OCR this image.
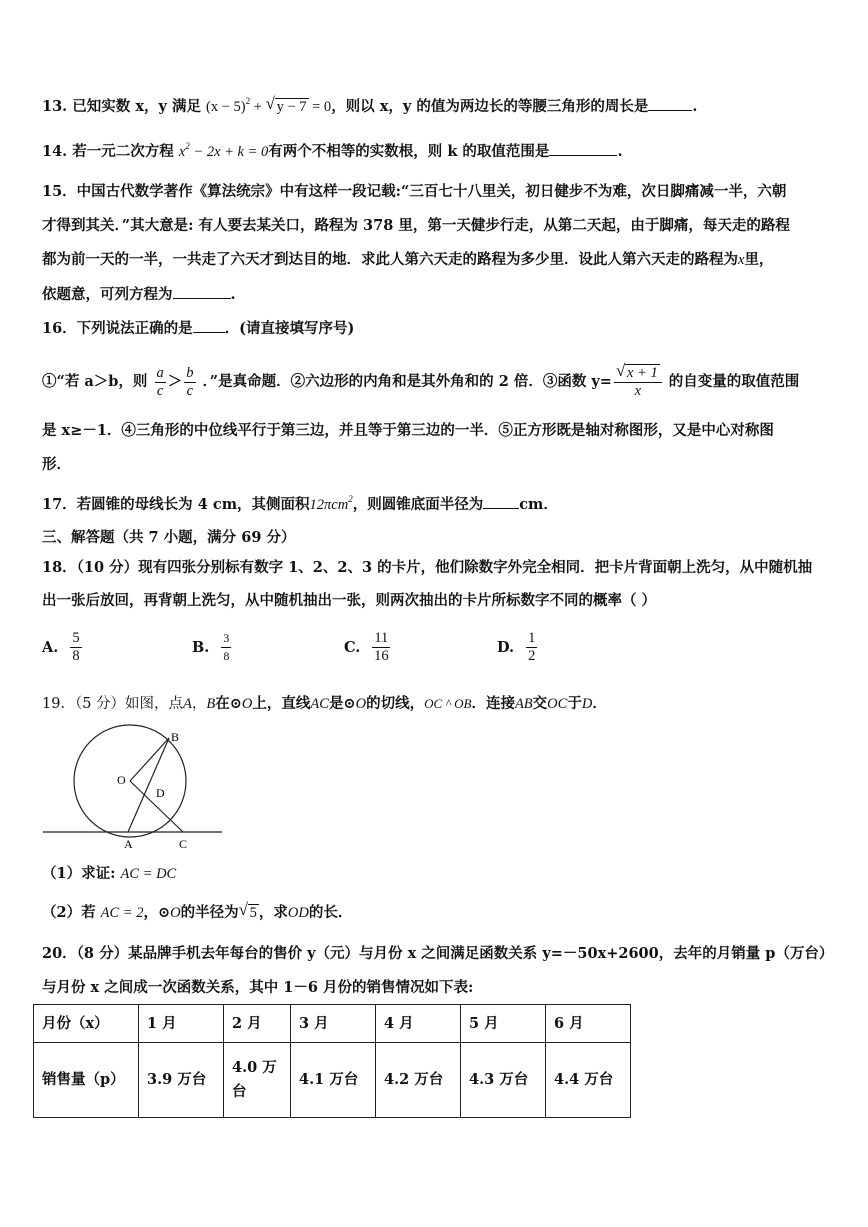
13. 已知实数 x，y 满足 $(x - 5)^2$ + √ y − 7 = 0，则以 x，y 的值为两边长的等腰三角形的周长是	.
14. 若一元二次方程 $x^2 - 2x + k = 0$有两个不相等的实数根，则 k 的取值范围是	.
15．中国古代数学著作《算法统宗》中有这样一段记载:“三百七十八里关，初日健步不为难，次日脚痛减一半，六朝
才得到其关．”其大意是: 有人要去某关口，路程为 378 里，第一天健步行走，从第二天起，由于脚痛，每天走的路程
都为前一天的一半，一共走了六天才到达目的地．求此人第六天走的路程为多少里．设此人第六天走的路程为x里，
依题意，可列方程为	.
16．下列说法正确的是 ．(请直接填写序号)
①“若 a＞b，则 $\frac{a}{c} > \frac{b}{c}$ ．”是真命题．②六边形的内角和是其外角和的 2 倍．③函数 $y= \frac{√ x + 1}{x}$ 的自变量的取值范围
是 x≥－1．④三角形的中位线平行于第三边，并且等于第三边的一半．⑤正方形既是轴对称图形，又是中心对称图
形．
17．若圆锥的母线长为 4 cm，其侧面积12πcm$^2$，则圆锥底面半径为 cm．
三、解答题（共 7 小题，满分 69 分）
18．（10 分）现有四张分别标有数字 1、2、2、3 的卡片，他们除数字外完全相同．把卡片背面朝上洗匀，从中随机抽
出一张后放回，再背朝上洗匀，从中随机抽出一张，则两次抽出的卡片所标数字不同的概率（ ）
A. $\frac{5}{8}$	B. $\frac{3}{8}$	C. $\frac{11}{16}$	D. $\frac{1}{2}$
19．（5 分）如图，点A，B在⊙O上，直线AC是⊙O的切线，OC ^ OB．连接AB交OC于D．
B
O
D
A	C
（1）求证: AC = DC
（2）若 AC = 2，⊙O的半径为 √ 5 ，求OD的长．
20．（8 分）某品牌手机去年每台的售价 y（元）与月份 x 之间满足函数关系 y=－50x+2600，去年的月销量 p（万台）
与月份 x 之间成一次函数关系，其中 1－6 月份的销售情况如下表:
月份（x）	1 月	2 月	3 月	4 月	5 月	6 月
销售量（p）	3.9 万台	4.0 万台	4.1 万台	4.2 万台	4.3 万台	4.4 万台
